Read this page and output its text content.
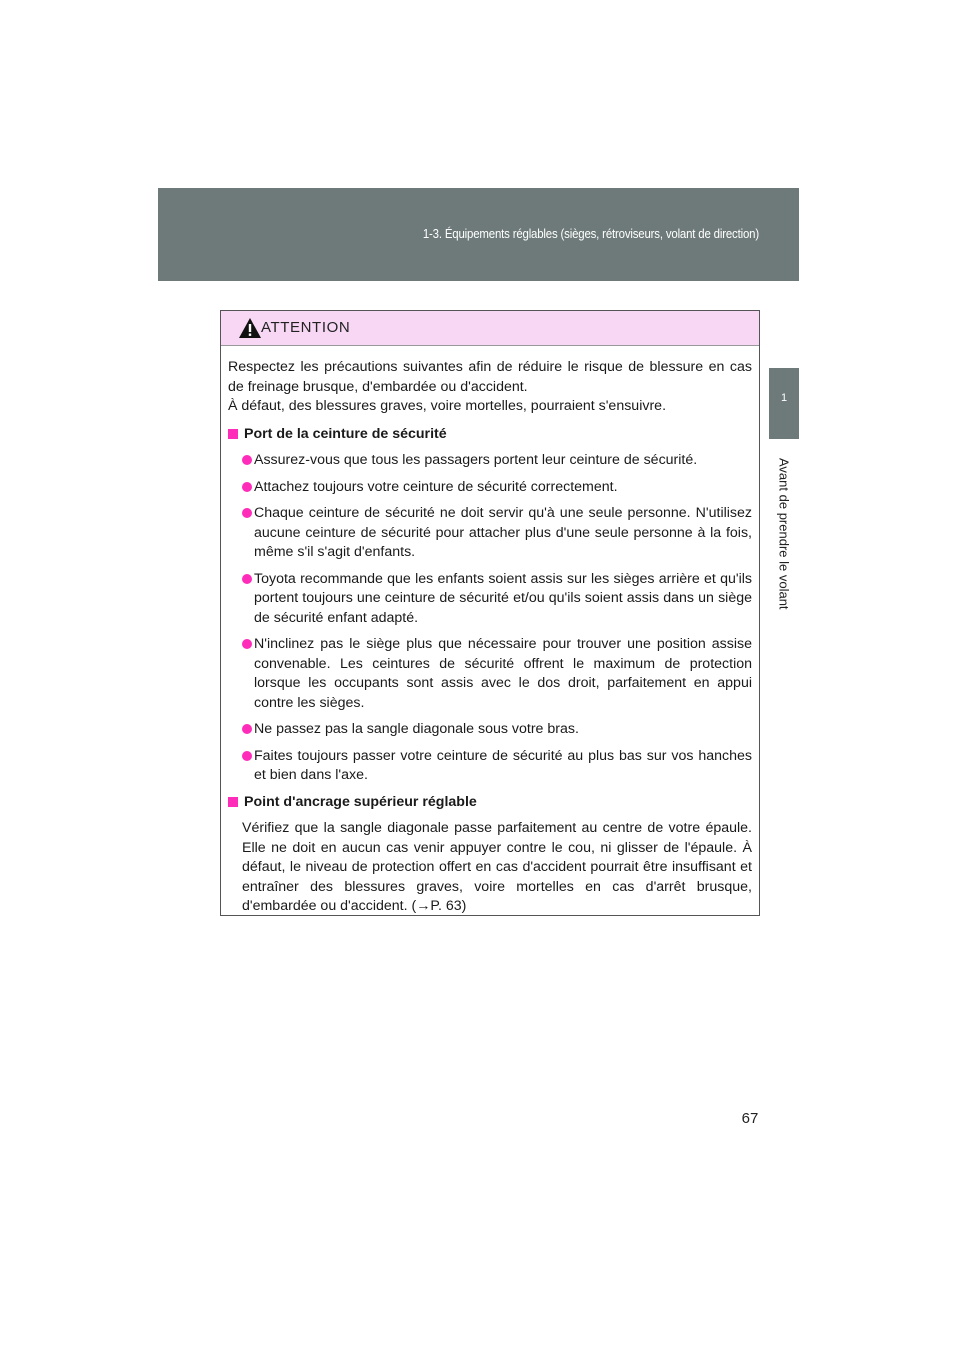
1-3. Équipements réglables (sièges, rétroviseurs, volant de direction)
1
Avant de prendre le volant
ATTENTION
Respectez les précautions suivantes afin de réduire le risque de blessure en cas de freinage brusque, d'embardée ou d'accident.
À défaut, des blessures graves, voire mortelles, pourraient s'ensuivre.
Port de la ceinture de sécurité
Assurez-vous que tous les passagers portent leur ceinture de sécurité.
Attachez toujours votre ceinture de sécurité correctement.
Chaque ceinture de sécurité ne doit servir qu'à une seule personne. N'utilisez aucune ceinture de sécurité pour attacher plus d'une seule personne à la fois, même s'il s'agit d'enfants.
Toyota recommande que les enfants soient assis sur les sièges arrière et qu'ils portent toujours une ceinture de sécurité et/ou qu'ils soient assis dans un siège de sécurité enfant adapté.
N'inclinez pas le siège plus que nécessaire pour trouver une position assise convenable. Les ceintures de sécurité offrent le maximum de protection lorsque les occupants sont assis avec le dos droit, parfaitement en appui contre les sièges.
Ne passez pas la sangle diagonale sous votre bras.
Faites toujours passer votre ceinture de sécurité au plus bas sur vos hanches et bien dans l'axe.
Point d'ancrage supérieur réglable
Vérifiez que la sangle diagonale passe parfaitement au centre de votre épaule. Elle ne doit en aucun cas venir appuyer contre le cou, ni glisser de l'épaule. À défaut, le niveau de protection offert en cas d'accident pourrait être insuffisant et entraîner des blessures graves, voire mortelles en cas d'arrêt brusque, d'embardée ou d'accident. (→P. 63)
67
